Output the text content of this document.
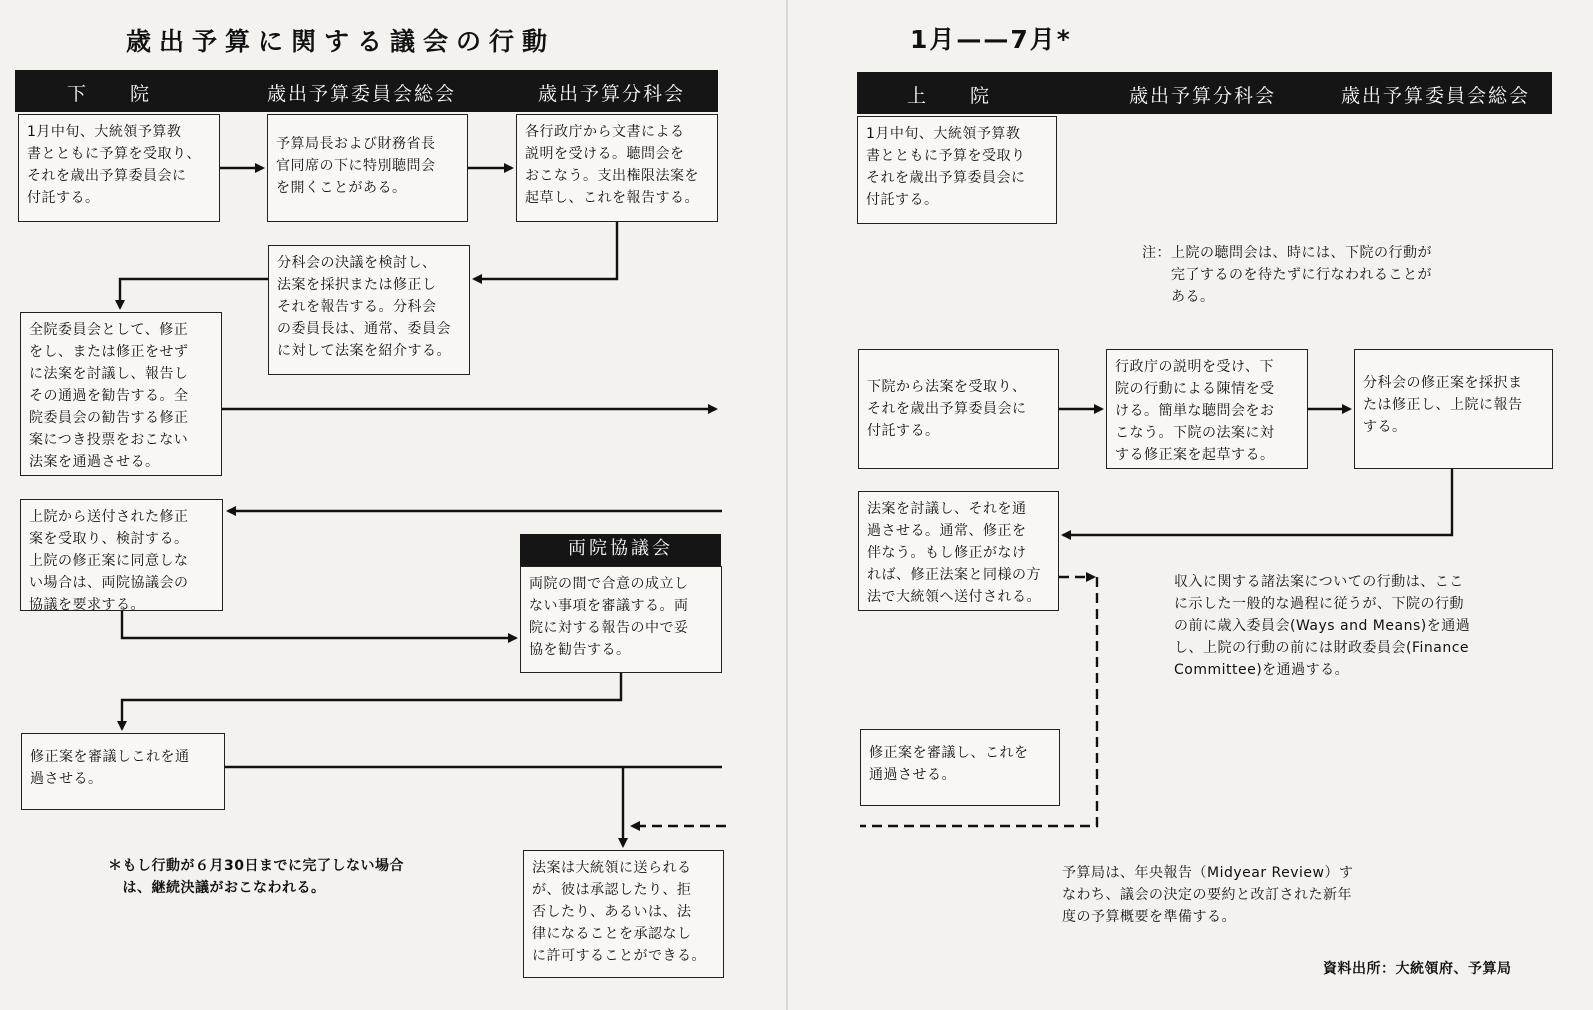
歳出予算に関する議会の行動
下　　院	歳出予算委員会総会	歳出予算分科会
1月中旬、大統領予算教
書とともに予算を受取り、
それを歳出予算委員会に
付託する。
予算局長および財務省長
官同席の下に特別聴問会
を開くことがある。
各行政庁から文書による
説明を受ける。聴問会を
おこなう。支出権限法案を
起草し、これを報告する。
分科会の決議を検討し、
法案を採択または修正し
それを報告する。分科会
の委員長は、通常、委員会
に対して法案を紹介する。
全院委員会として、修正
をし、または修正をせず
に法案を討議し、報告し
その通過を勧告する。全
院委員会の勧告する修正
案につき投票をおこない
法案を通過させる。
上院から送付された修正
案を受取り、検討する。
上院の修正案に同意しな
い場合は、両院協議会の
協議を要求する。
両院協議会
両院の間で合意の成立し
ない事項を審議する。両
院に対する報告の中で妥
協を勧告する。
修正案を審議しこれを通
過させる。
法案は大統領に送られる
が、彼は承認したり、拒
否したり、あるいは、法
律になることを承認なし
に許可することができる。
＊もし行動が６月30日までに完了しない場合
　は、継続決議がおこなわれる。
1月——7月*
上　　院	歳出予算分科会	歳出予算委員会総会
1月中旬、大統領予算教
書とともに予算を受取り
それを歳出予算委員会に
付託する。
注：上院の聴問会は、時には、下院の行動が
　　完了するのを待たずに行なわれることが
　　ある。
下院から法案を受取り、
それを歳出予算委員会に
付託する。
行政庁の説明を受け、下
院の行動による陳情を受
ける。簡単な聴問会をお
こなう。下院の法案に対
する修正案を起草する。
分科会の修正案を採択ま
たは修正し、上院に報告
する。
法案を討議し、それを通
過させる。通常、修正を
伴なう。もし修正がなけ
れば、修正法案と同様の方
法で大統領へ送付される。
収入に関する諸法案についての行動は、ここ
に示した一般的な過程に従うが、下院の行動
の前に歳入委員会(Ways and Means)を通過
し、上院の行動の前には財政委員会(Finance
Committee)を通過する。
修正案を審議し、これを
通過させる。
予算局は、年央報告（Midyear Review）す
なわち、議会の決定の要約と改訂された新年
度の予算概要を準備する。
資料出所：大統領府、予算局
